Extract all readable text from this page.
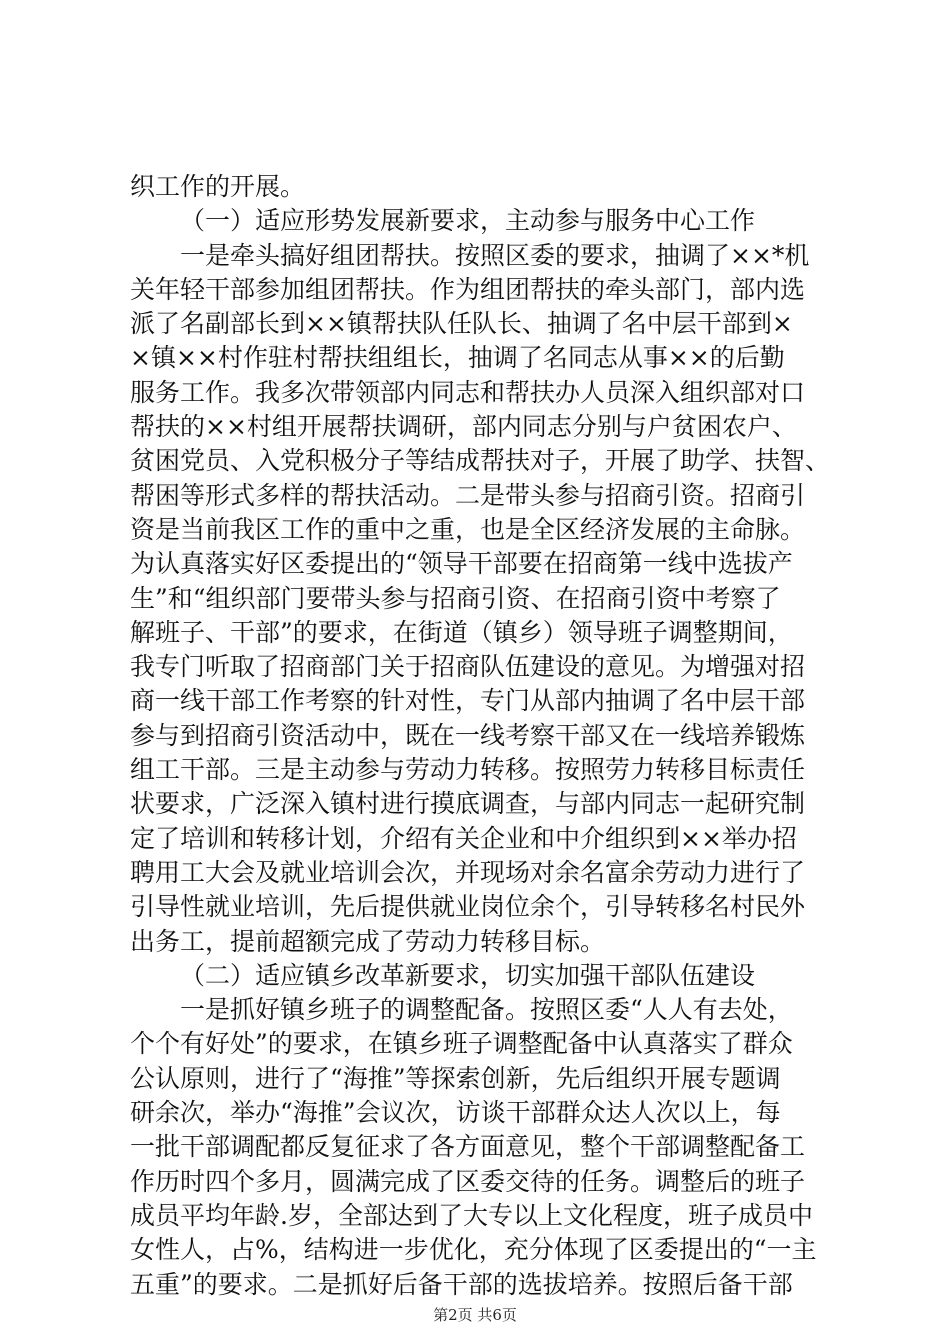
织工作的开展。
（一）适应形势发展新要求，主动参与服务中心工作
一是牵头搞好组团帮扶。按照区委的要求，抽调了××*机
关年轻干部参加组团帮扶。作为组团帮扶的牵头部门，部内选
派了名副部长到××镇帮扶队任队长、抽调了名中层干部到×
×镇××村作驻村帮扶组组长，抽调了名同志从事××的后勤
服务工作。我多次带领部内同志和帮扶办人员深入组织部对口
帮扶的××村组开展帮扶调研，部内同志分别与户贫困农户、
贫困党员、入党积极分子等结成帮扶对子，开展了助学、扶智、
帮困等形式多样的帮扶活动。二是带头参与招商引资。招商引
资是当前我区工作的重中之重，也是全区经济发展的主命脉。
为认真落实好区委提出的“领导干部要在招商第一线中选拔产
生”和“组织部门要带头参与招商引资、在招商引资中考察了
解班子、干部”的要求，在街道（镇乡）领导班子调整期间，
我专门听取了招商部门关于招商队伍建设的意见。为增强对招
商一线干部工作考察的针对性，专门从部内抽调了名中层干部
参与到招商引资活动中，既在一线考察干部又在一线培养锻炼
组工干部。三是主动参与劳动力转移。按照劳力转移目标责任
状要求，广泛深入镇村进行摸底调查，与部内同志一起研究制
定了培训和转移计划，介绍有关企业和中介组织到××举办招
聘用工大会及就业培训会次，并现场对余名富余劳动力进行了
引导性就业培训，先后提供就业岗位余个，引导转移名村民外
出务工，提前超额完成了劳动力转移目标。
（二）适应镇乡改革新要求，切实加强干部队伍建设
一是抓好镇乡班子的调整配备。按照区委“人人有去处，
个个有好处”的要求，在镇乡班子调整配备中认真落实了群众
公认原则，进行了“海推”等探索创新，先后组织开展专题调
研余次，举办“海推”会议次，访谈干部群众达人次以上，每
一批干部调配都反复征求了各方面意见，整个干部调整配备工
作历时四个多月，圆满完成了区委交待的任务。调整后的班子
成员平均年龄.岁，全部达到了大专以上文化程度，班子成员中
女性人，占%，结构进一步优化，充分体现了区委提出的“一主
五重”的要求。二是抓好后备干部的选拔培养。按照后备干部
第2页 共6页
